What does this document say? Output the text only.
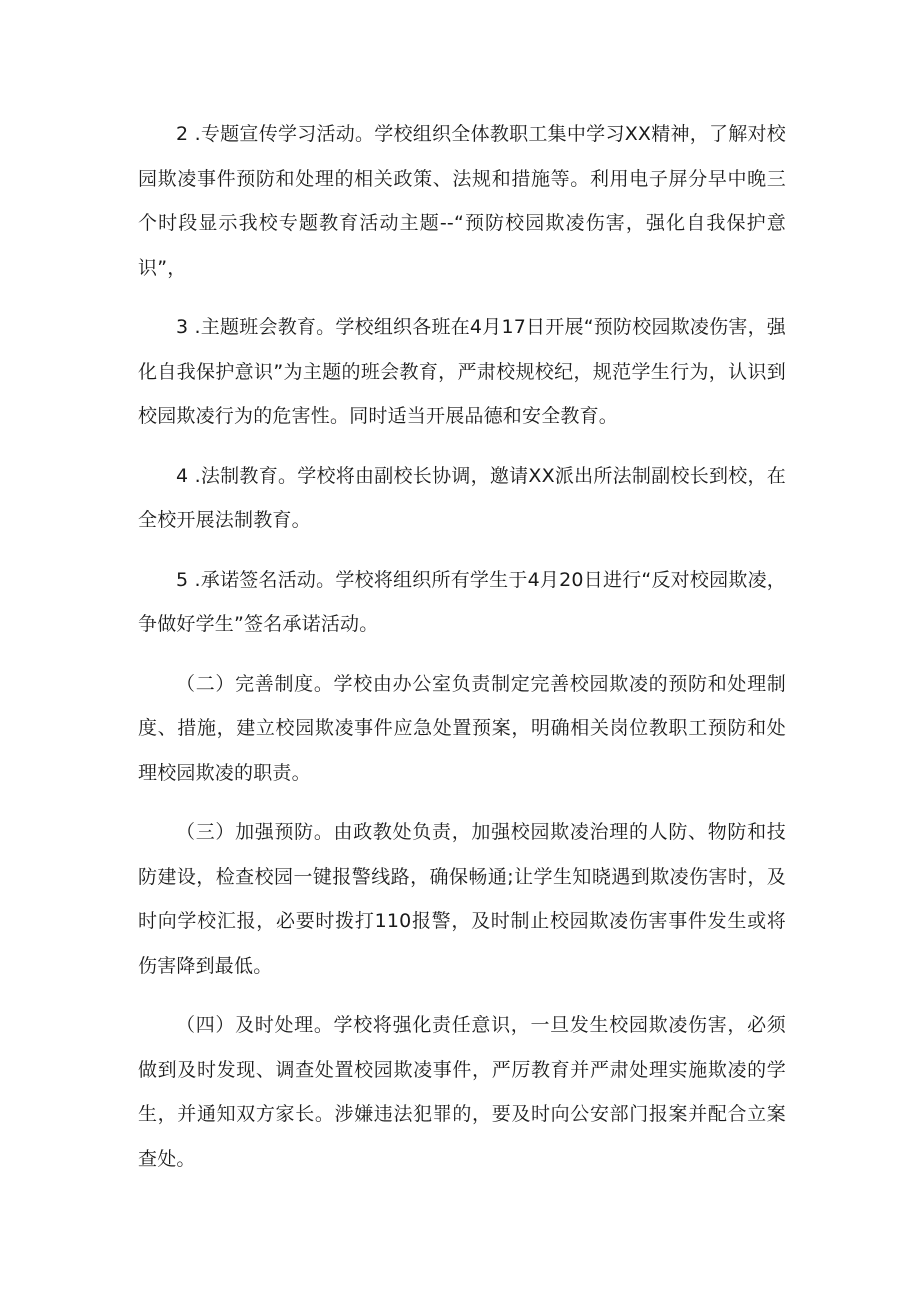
2 .专题宣传学习活动。学校组织全体教职工集中学习XX精神，了解对校园欺凌事件预防和处理的相关政策、法规和措施等。利用电子屏分早中晚三个时段显示我校专题教育活动主题--“预防校园欺凌伤害，强化自我保护意识”，

3 .主题班会教育。学校组织各班在4月17日开展“预防校园欺凌伤害，强化自我保护意识”为主题的班会教育，严肃校规校纪，规范学生行为，认识到校园欺凌行为的危害性。同时适当开展品德和安全教育。

4 .法制教育。学校将由副校长协调，邀请XX派出所法制副校长到校，在全校开展法制教育。

5 .承诺签名活动。学校将组织所有学生于4月20日进行“反对校园欺凌，争做好学生”签名承诺活动。

（二）完善制度。学校由办公室负责制定完善校园欺凌的预防和处理制度、措施，建立校园欺凌事件应急处置预案，明确相关岗位教职工预防和处理校园欺凌的职责。

（三）加强预防。由政教处负责，加强校园欺凌治理的人防、物防和技防建设，检查校园一键报警线路，确保畅通;让学生知晓遇到欺凌伤害时，及时向学校汇报，必要时拨打110报警，及时制止校园欺凌伤害事件发生或将伤害降到最低。

（四）及时处理。学校将强化责任意识，一旦发生校园欺凌伤害，必须做到及时发现、调查处置校园欺凌事件，严厉教育并严肃处理实施欺凌的学生，并通知双方家长。涉嫌违法犯罪的，要及时向公安部门报案并配合立案查处。
